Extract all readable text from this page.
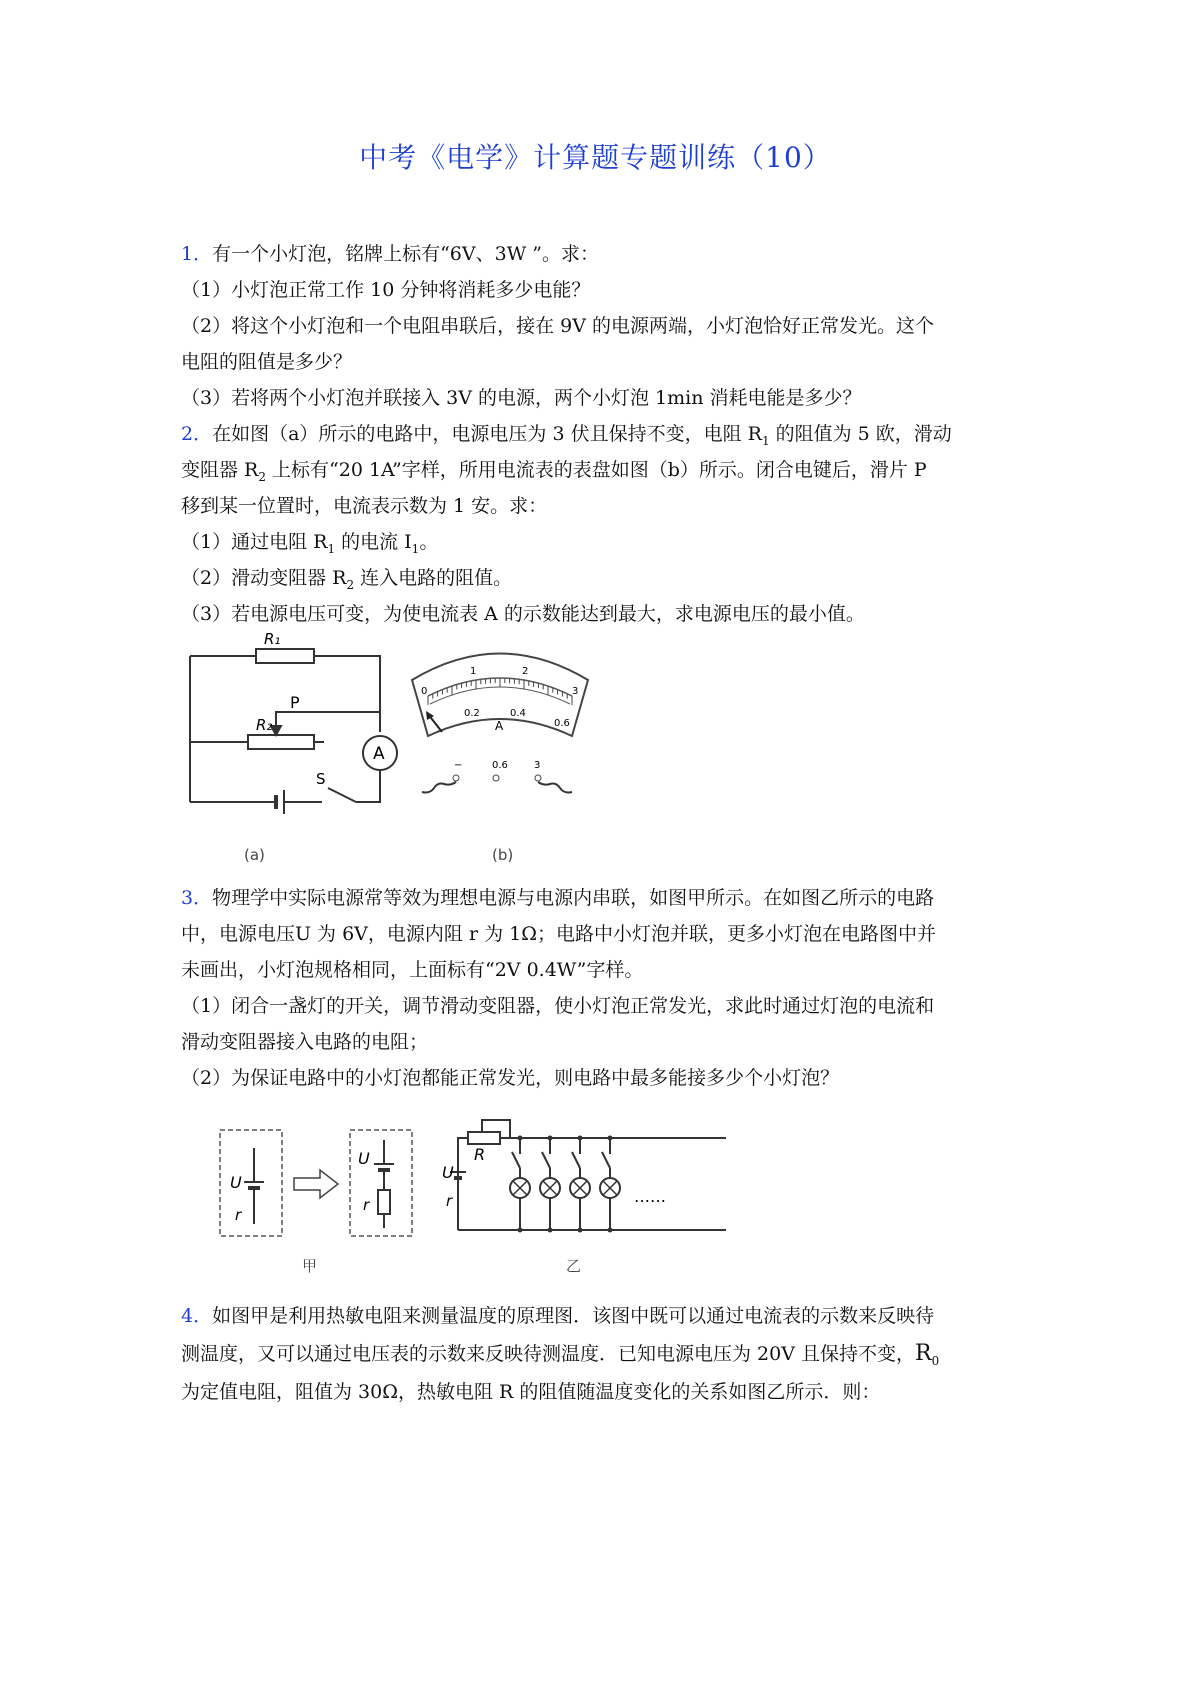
中考《电学》计算题专题训练（10）
1．有一个小灯泡，铭牌上标有“6V、3W ”。求：
（1）小灯泡正常工作 10 分钟将消耗多少电能？
（2）将这个小灯泡和一个电阻串联后，接在 9V 的电源两端，小灯泡恰好正常发光。这个
电阻的阻值是多少？
（3）若将两个小灯泡并联接入 3V 的电源，两个小灯泡 1min 消耗电能是多少？
2．在如图（a）所示的电路中，电源电压为 3 伏且保持不变，电阻 $R_1$ 的阻值为 5 欧，滑动
变阻器 $R_2$ 上标有“20 1A”字样，所用电流表的表盘如图（b）所示。闭合电键后，滑片 P
移到某一位置时，电流表示数为 1 安。求：
（1）通过电阻 $R_1$ 的电流 $I_1$。
（2）滑动变阻器 $R_2$ 连入电路的阻值。
（3）若电源电压可变，为使电流表 A 的示数能达到最大，求电源电压的最小值。
R₁
R₂
P
A
S
(a)
0
1	2
3
0.2	0.4
0.6
A
−	0.6	3
(b)
3．物理学中实际电源常等效为理想电源与电源内串联，如图甲所示。在如图乙所示的电路
中，电源电压U 为 6V，电源内阻 r 为 1Ω；电路中小灯泡并联，更多小灯泡在电路图中并
未画出，小灯泡规格相同，上面标有“2V 0.4W”字样。
（1）闭合一盏灯的开关，调节滑动变阻器，使小灯泡正常发光，求此时通过灯泡的电流和
滑动变阻器接入电路的电阻；
（2）为保证电路中的小灯泡都能正常发光，则电路中最多能接多少个小灯泡？
U
r
U
r
甲
U
r
R
……
乙
4．如图甲是利用热敏电阻来测量温度的原理图．该图中既可以通过电流表的示数来反映待
测温度，又可以通过电压表的示数来反映待测温度．已知电源电压为 20V 且保持不变，$R_0$
为定值电阻，阻值为 30Ω，热敏电阻 R 的阻值随温度变化的关系如图乙所示．则：
